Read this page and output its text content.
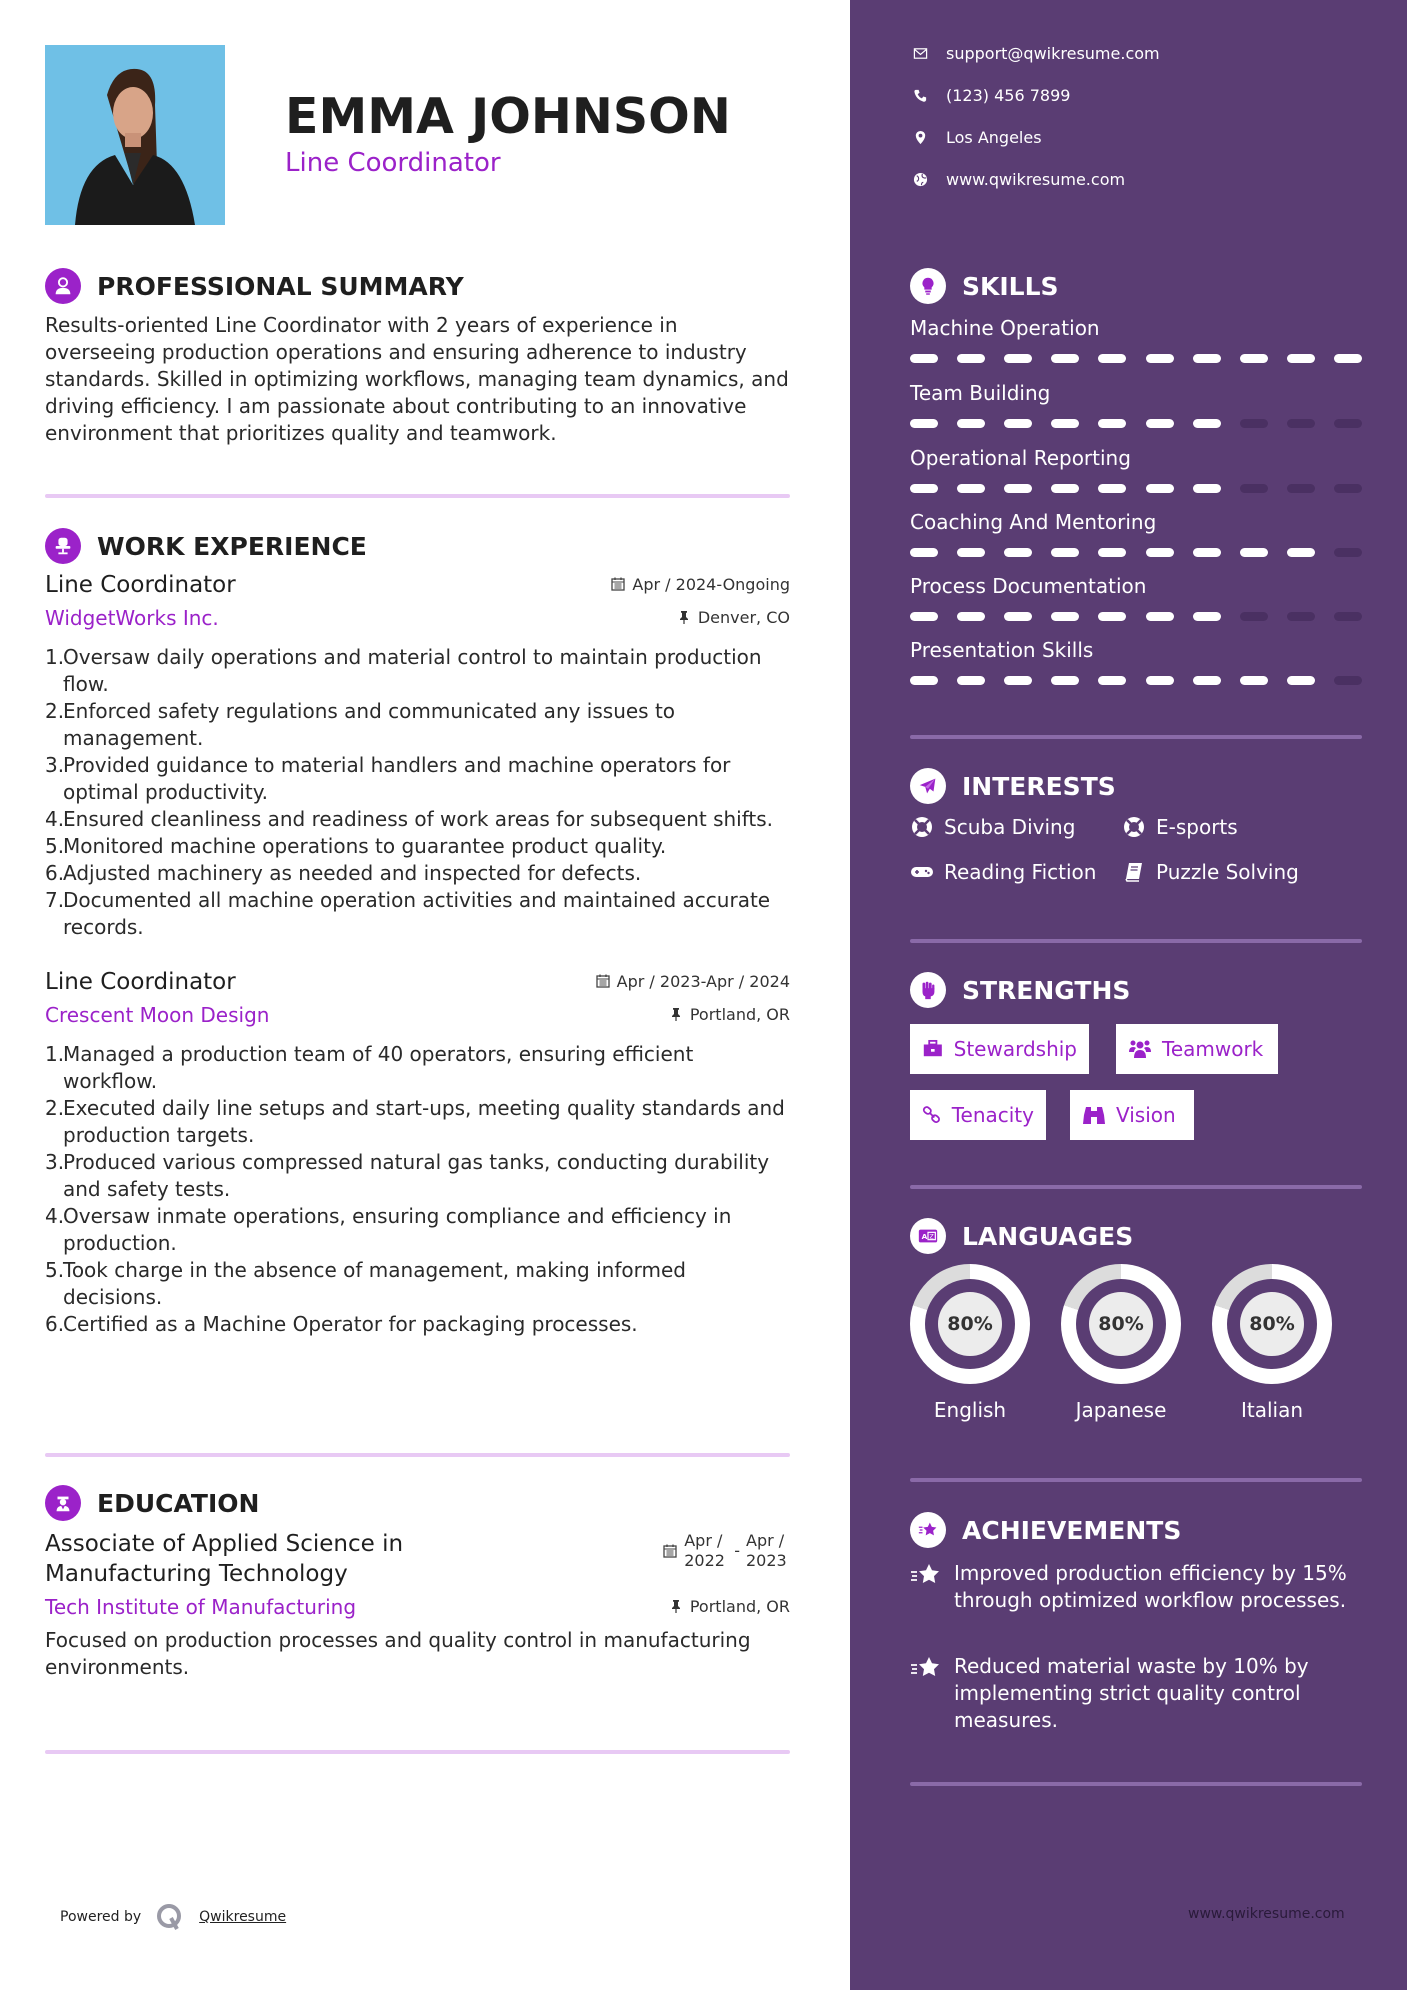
EMMA JOHNSON
Line Coordinator
PROFESSIONAL SUMMARY

Results-oriented Line Coordinator with 2 years of experience in overseeing production operations and ensuring adherence to industry standards. Skilled in optimizing workflows, managing team dynamics, and driving efficiency. I am passionate about contributing to an innovative environment that prioritizes quality and teamwork.

WORK EXPERIENCE
Line Coordinator	Apr / 2024-Ongoing
WidgetWorks Inc.	Denver, CO
Oversaw daily operations and material control to maintain production flow.
Enforced safety regulations and communicated any issues to management.
Provided guidance to material handlers and machine operators for optimal productivity.
Ensured cleanliness and readiness of work areas for subsequent shifts.
Monitored machine operations to guarantee product quality.
Adjusted machinery as needed and inspected for defects.
Documented all machine operation activities and maintained accurate records.
Line Coordinator	Apr / 2023-Apr / 2024
Crescent Moon Design	Portland, OR
Managed a production team of 40 operators, ensuring efficient workflow.
Executed daily line setups and start-ups, meeting quality standards and production targets.
Produced various compressed natural gas tanks, conducting durability and safety tests.
Oversaw inmate operations, ensuring compliance and efficiency in production.
Took charge in the absence of management, making informed decisions.
Certified as a Machine Operator for packaging processes.
EDUCATION
Associate of Applied Science in Manufacturing Technology
Apr / 2022
-
Apr / 2023
Tech Institute of Manufacturing	Portland, OR

Focused on production processes and quality control in manufacturing environments.

Powered by	Qwikresume
support@qwikresume.com
(123) 456 7899
Los Angeles
www.qwikresume.com
SKILLS
Machine Operation
Team Building
Operational Reporting
Coaching And Mentoring
Process Documentation
Presentation Skills
INTERESTS
Scuba Diving	E-sports
Reading Fiction	Puzzle Solving
STRENGTHS
Stewardship	Teamwork
Tenacity	Vision
A Z LANGUAGES
80%
English
80%
Japanese
80%
Italian
ACHIEVEMENTS
Improved production efficiency by 15% through optimized workflow processes.
Reduced material waste by 10% by implementing strict quality control measures.
www.qwikresume.com
